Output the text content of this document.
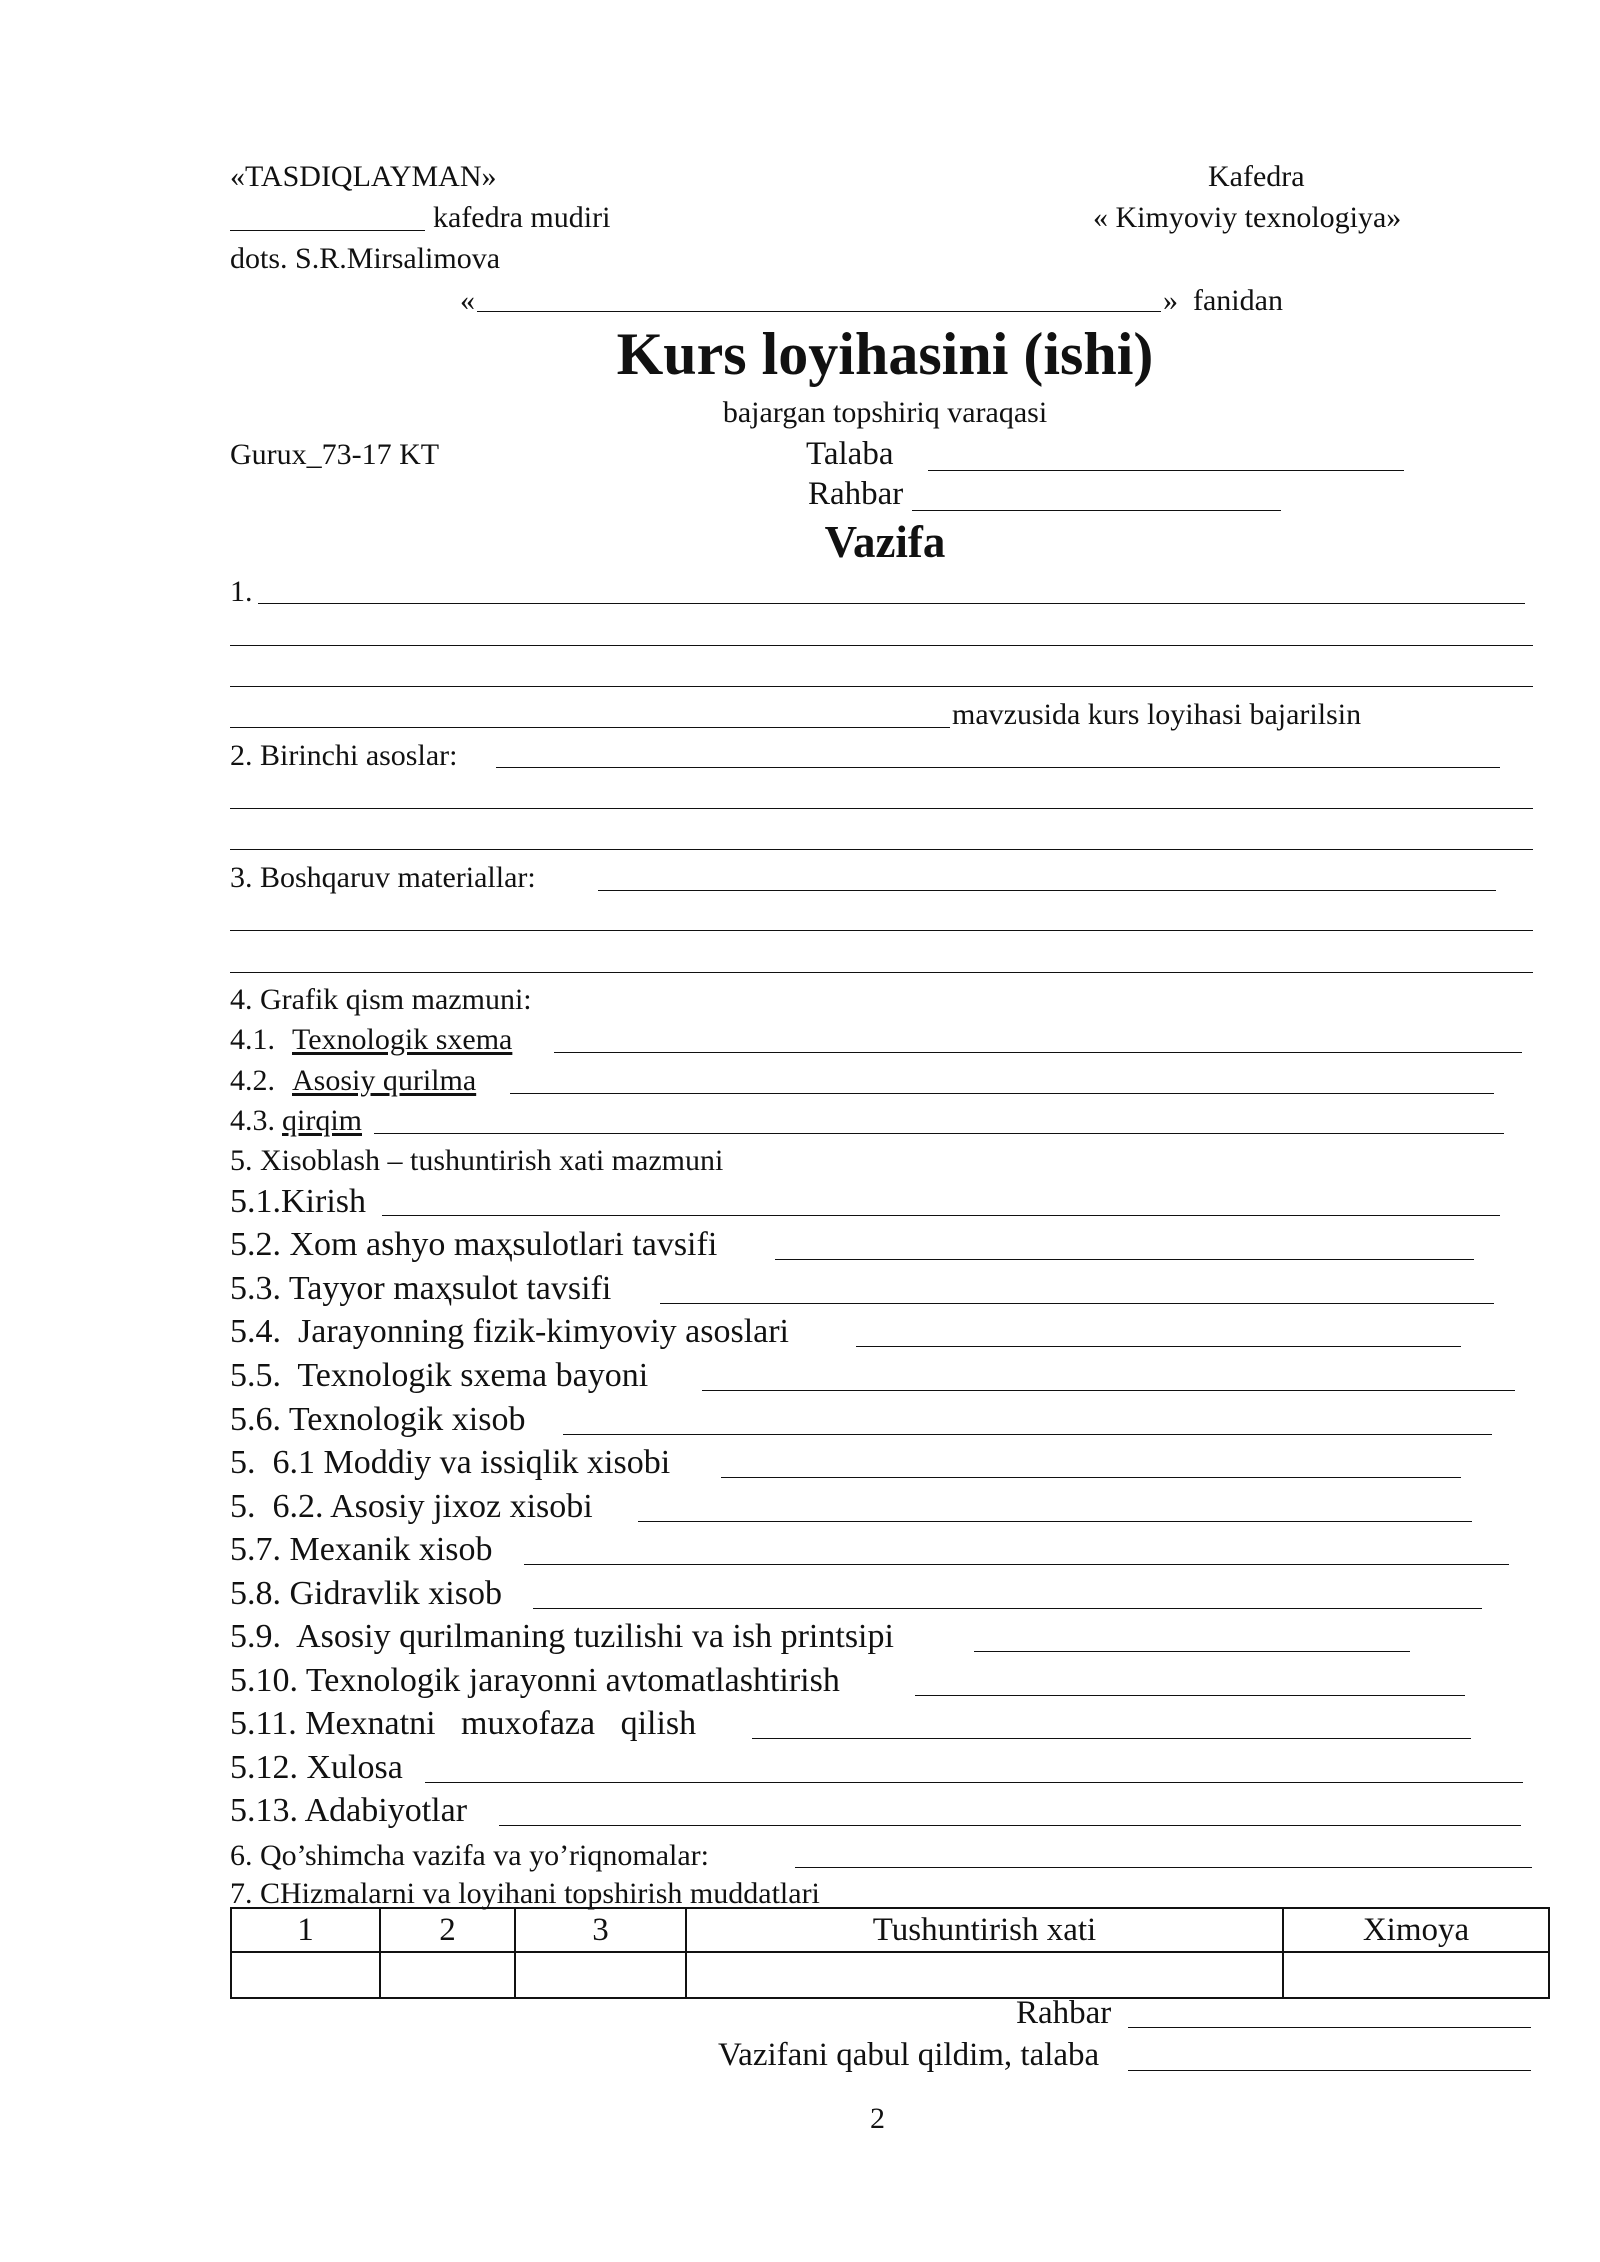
«TASDIQLAYMAN»
kafedra mudiri
dots. S.R.Mirsalimova
Kafedra
« Kimyoviy texnologiya»
«	»  fanidan
Kurs loyihasini (ishi)
bajargan topshiriq varaqasi
Gurux_73-17 KT	Talaba
Rahbar
Vazifa
1.
mavzusida kurs loyihasi bajarilsin
2. Birinchi asoslar:
3. Boshqaruv materiallar:
4. Grafik qism mazmuni:
4.1. Texnologik sxema
4.2. Asosiy qurilma
4.3. qirqim
5. Xisoblash – tushuntirish xati mazmuni
5.1.Kirish
5.2. Xom ashyo maҳsulotlari tavsifi
5.3. Tayyor maҳsulot tavsifi
5.4.  Jarayonning fizik-kimyoviy asoslari
5.5.  Texnologik sxema bayoni
5.6. Texnologik xisob
5.  6.1 Moddiy va issiqlik xisobi
5.  6.2. Asosiy jixoz xisobi
5.7. Mexanik xisob
5.8. Gidravlik xisob
5.9.  Asosiy qurilmaning tuzilishi va ish printsipi
5.10. Texnologik jarayonni avtomatlashtirish
5.11. Mexnatni   muxofaza   qilish
5.12. Xulosa
5.13. Adabiyotlar
6. Qo’shimcha vazifa va yo’riqnomalar:
7. CHizmalarni va loyihani topshirish muddatlari
1	2	3	Tushuntirish xati	Ximoya

Rahbar
Vazifani qabul qildim, talaba
2
